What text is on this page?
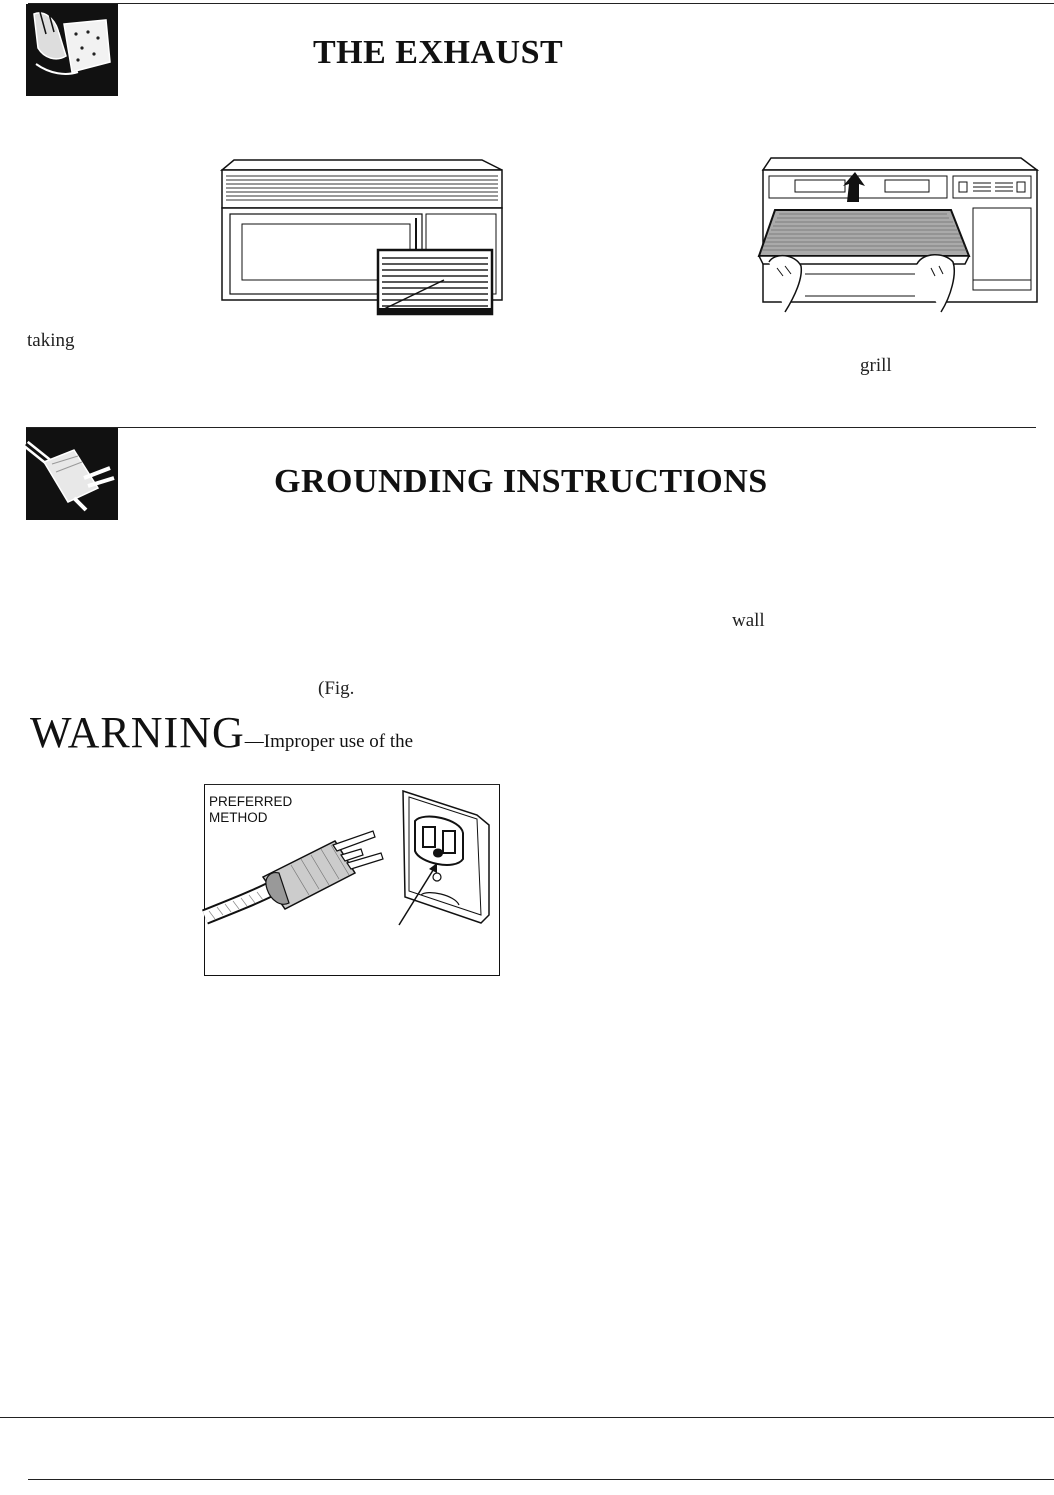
THE EXHAUST
taking
grill
GROUNDING INSTRUCTIONS
wall
(Fig.
WARNING—Improper use of the
PREFERRED
METHOD
